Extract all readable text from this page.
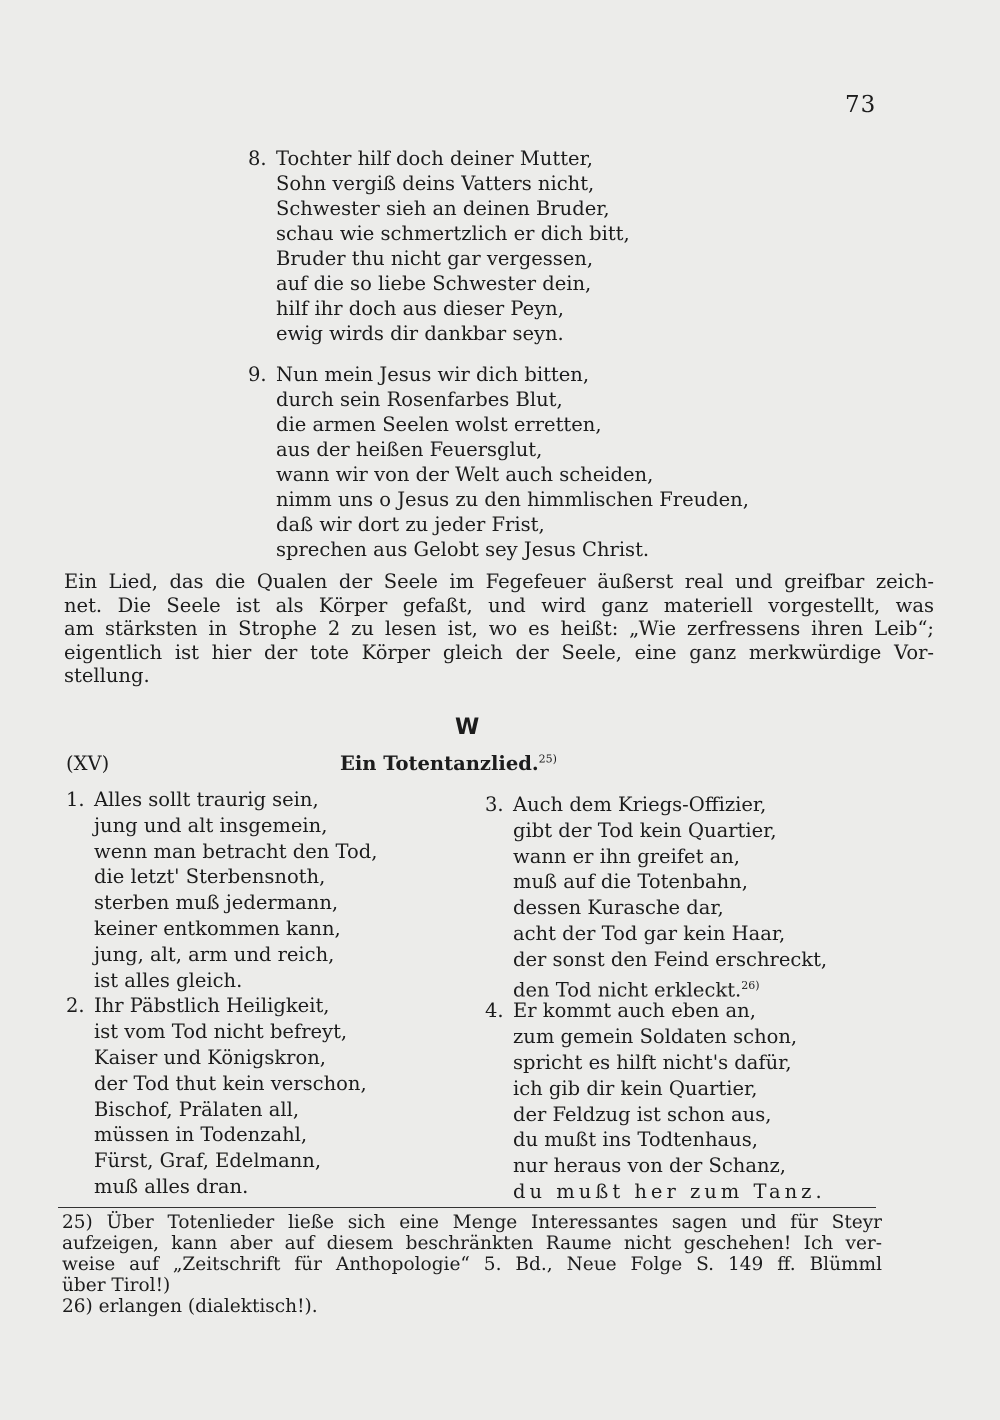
73
8. Tochter hilf doch deiner Mutter,
Sohn vergiß deins Vatters nicht,
Schwester sieh an deinen Bruder,
schau wie schmertzlich er dich bitt,
Bruder thu nicht gar vergessen,
auf die so liebe Schwester dein,
hilf ihr doch aus dieser Peyn,
ewig wirds dir dankbar seyn.
9. Nun mein Jesus wir dich bitten,
durch sein Rosenfarbes Blut,
die armen Seelen wolst erretten,
aus der heißen Feuersglut,
wann wir von der Welt auch scheiden,
nimm uns o Jesus zu den himmlischen Freuden,
daß wir dort zu jeder Frist,
sprechen aus Gelobt sey Jesus Christ.
Ein Lied, das die Qualen der Seele im Fegefeuer äußerst real und greifbar zeich-
net. Die Seele ist als Körper gefaßt, und wird ganz materiell vorgestellt, was
am stärksten in Strophe 2 zu lesen ist, wo es heißt: „Wie zerfressens ihren Leib“;
eigentlich ist hier der tote Körper gleich der Seele, eine ganz merkwürdige Vor-
stellung.
W
(XV)	Ein Totentanzlied.$^{25)}$
1. Alles sollt traurig sein,
jung und alt insgemein,
wenn man betracht den Tod,
die letzt' Sterbensnoth,
sterben muß jedermann,
keiner entkommen kann,
jung, alt, arm und reich,
ist alles gleich.
2. Ihr Päbstlich Heiligkeit,
ist vom Tod nicht befreyt,
Kaiser und Königskron,
der Tod thut kein verschon,
Bischof, Prälaten all,
müssen in Todenzahl,
Fürst, Graf, Edelmann,
muß alles dran.
3. Auch dem Kriegs-Offizier,
gibt der Tod kein Quartier,
wann er ihn greifet an,
muß auf die Totenbahn,
dessen Kurasche dar,
acht der Tod gar kein Haar,
der sonst den Feind erschreckt,
den Tod nicht erkleckt.$^{26)}$
4. Er kommt auch eben an,
zum gemein Soldaten schon,
spricht es hilft nicht's dafür,
ich gib dir kein Quartier,
der Feldzug ist schon aus,
du mußt ins Todtenhaus,
nur heraus von der Schanz,
du mußt her zum Tanz.
25) Über Totenlieder ließe sich eine Menge Interessantes sagen und für Steyr
aufzeigen, kann aber auf diesem beschränkten Raume nicht geschehen! Ich ver-
weise auf „Zeitschrift für Anthopologie“ 5. Bd., Neue Folge S. 149 ff. Blümml
über Tirol!)
26) erlangen (dialektisch!).
